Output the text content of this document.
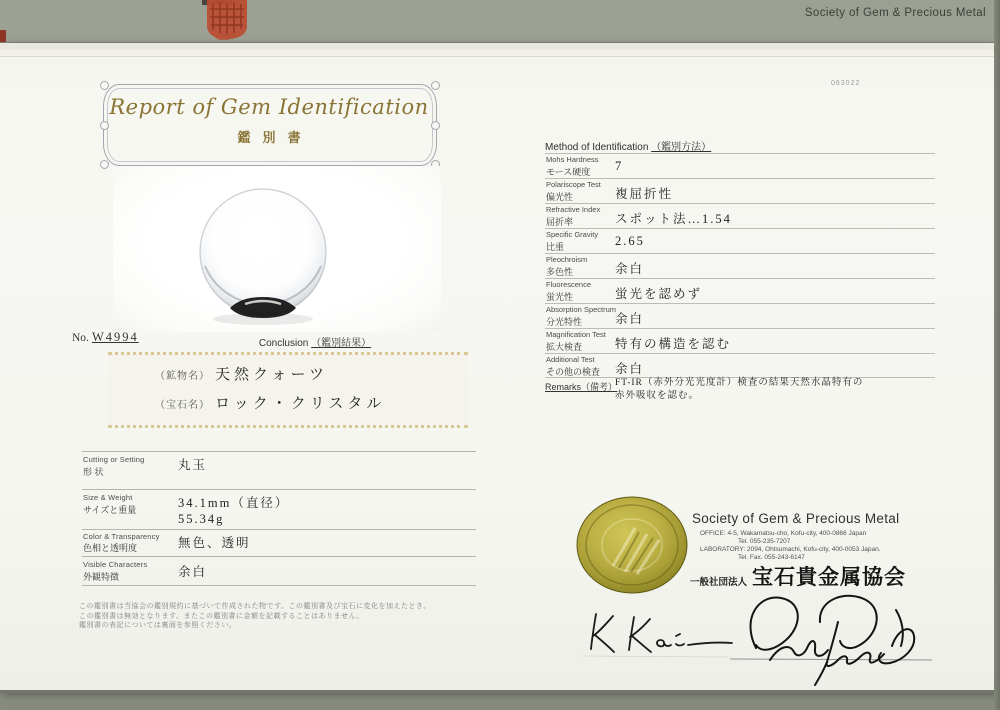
Society of Gem & Precious Metal
Report of Gem Identification
鑑別書
No. W4994	Conclusion （鑑別結果）
（鉱物名） 天然クォーツ
（宝石名） ロック・クリスタル
Cutting or Setting
形 状	丸玉
Size & Weight
サイズと重量	34.1mm（直径）
55.34g
Color & Transparency
色相と透明度	無色、透明
Visible Characters
外観特徴	余白
この鑑別書は当協会の鑑別規約に基づいて作成された物です。この鑑別書及び宝石に変化を加えたとき、
この鑑別書は無効となります。またこの鑑別書に金額を記載することはありません。
鑑別書の表記については裏面を参照ください。
063022
Method of Identification （鑑別方法）
Mohs Hardness
モース硬度 7
Polariscope Test
偏光性	複屈折性
Refractive Index
屈折率	スポット法…1.54
Specific Gravity
比重	2.65
Pleochroism
多色性	余白
Fluorescence
蛍光性	蛍光を認めず
Absorption Spectrum
分光特性	余白
Magnification Test
拡大検査	特有の構造を認む
Additional Test
その他の検査 余白
Remarks（備考）
FT-IR（赤外分光光度計）検査の結果天然水晶特有の
赤外吸収を認む。
Society of Gem & Precious Metal
OFFICE: 4-5, Wakamatsu-cho, Kofu-city, 400-0866 Japan
Tel. 055-235-7207
LABORATORY: 2094, Ohtsumachi, Kofu-city, 400-0053 Japan.
Tel. Fax. 055-243-6147
一般社団法人 宝石貴金属協会
